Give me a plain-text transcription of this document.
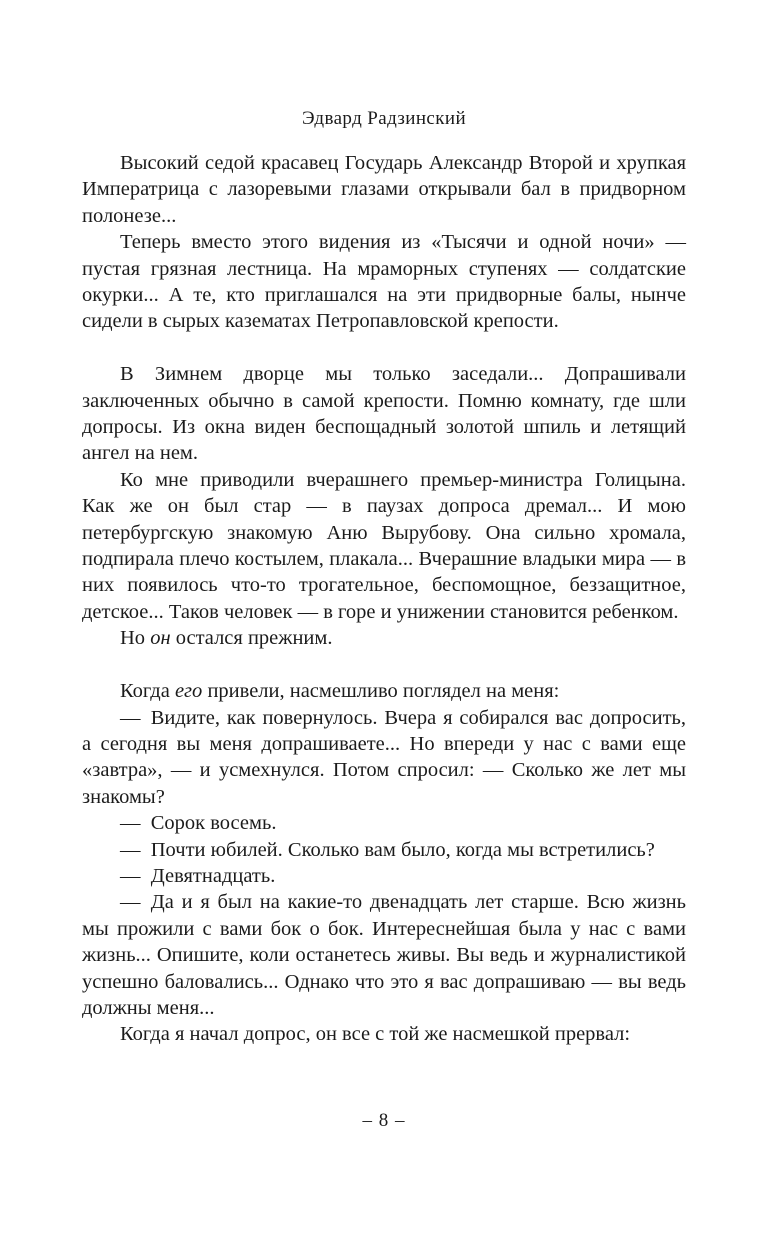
Эдвард Радзинский

Высокий седой красавец Государь Александр Второй и хрупкая Императрица с лазоревыми глазами открывали бал в придворном полонезе...

Теперь вместо этого видения из «Тысячи и одной ночи» — пустая грязная лестница. На мраморных ступенях — солдатские окурки... А те, кто приглашался на эти придворные балы, нынче сидели в сырых казематах Петропавловской крепости.

В Зимнем дворце мы только заседали... Допрашивали заключенных обычно в самой крепости. Помню комнату, где шли допросы. Из окна виден беспощадный золотой шпиль и летящий ангел на нем.

Ко мне приводили вчерашнего премьер-министра Голицына. Как же он был стар — в паузах допроса дремал... И мою петербургскую знакомую Аню Вырубову. Она сильно хромала, подпирала плечо костылем, плакала... Вчерашние владыки мира — в них появилось что-то трогательное, беспомощное, беззащитное, детское... Таков человек — в горе и унижении становится ребенком.

Но он остался прежним.

Когда его привели, насмешливо поглядел на меня:

— Видите, как повернулось. Вчера я собирался вас допросить, а сегодня вы меня допрашиваете... Но впереди у нас с вами еще «завтра», — и усмехнулся. Потом спросил: — Сколько же лет мы знакомы?

— Сорок восемь.

— Почти юбилей. Сколько вам было, когда мы встретились?

— Девятнадцать.

— Да и я был на какие-то двенадцать лет старше. Всю жизнь мы прожили с вами бок о бок. Интереснейшая была у нас с вами жизнь... Опишите, коли останетесь живы. Вы ведь и журналистикой успешно баловались... Однако что это я вас допрашиваю — вы ведь должны меня...

Когда я начал допрос, он все с той же насмешкой прервал:

– 8 –
